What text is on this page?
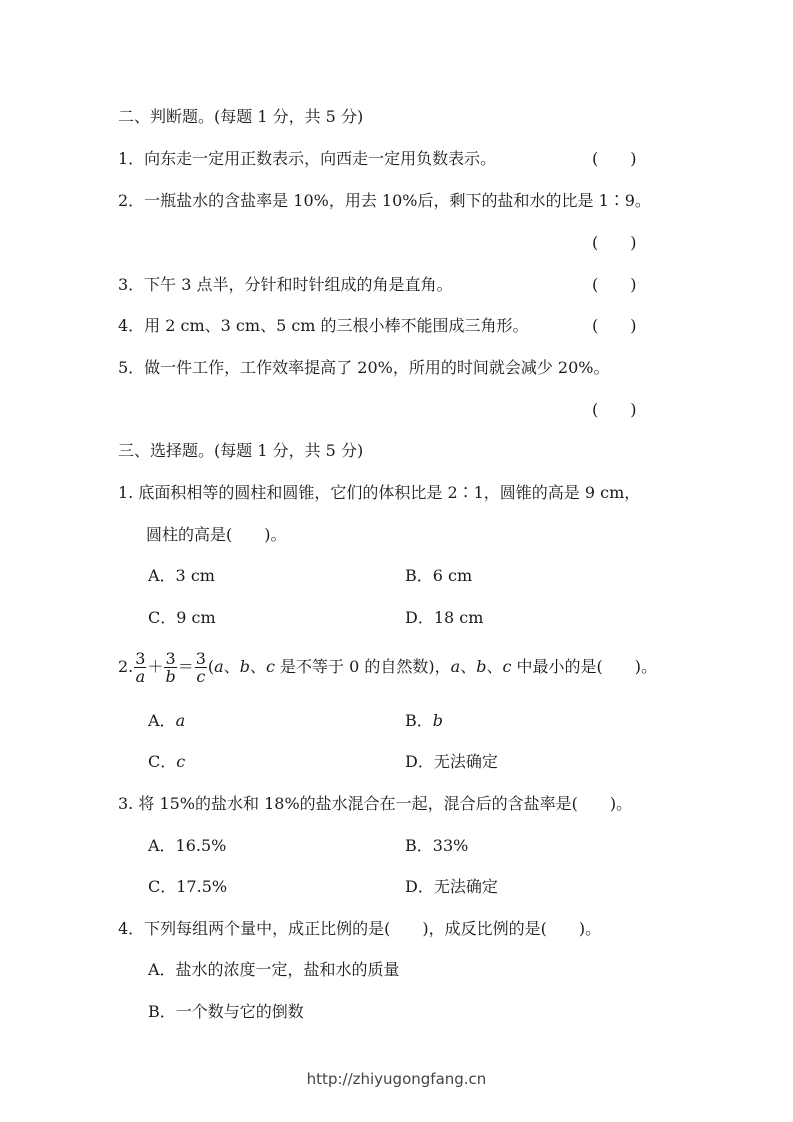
二、判断题。(每题 1 分，共 5 分)
1．向东走一定用正数表示，向西走一定用负数表示。	(　　)
2．一瓶盐水的含盐率是 10%，用去 10%后，剩下的盐和水的比是 1∶9。
(　　)
3．下午 3 点半，分针和时针组成的角是直角。	(　　)
4．用 2 cm、3 cm、5 cm 的三根小棒不能围成三角形。	(　　)
5．做一件工作，工作效率提高了 20%，所用的时间就会减少 20%。
(　　)
三、选择题。(每题 1 分，共 5 分)
1. 底面积相等的圆柱和圆锥，它们的体积比是 2∶1，圆锥的高是 9 cm，
圆柱的高是(　　)。
A．3 cm	B．6 cm
C．9 cm	D．18 cm
2. $\frac{3}{a} + \frac{3}{b} = \frac{3}{c} (a$、b、c 是不等于 0 的自然数)，a、b、c 中最小的是(　　)。
A．a	B．b
C．c	D．无法确定
3. 将 15%的盐水和 18%的盐水混合在一起，混合后的含盐率是(　　)。
A．16.5%	B．33%
C．17.5%	D．无法确定
4．下列每组两个量中，成正比例的是(　　)，成反比例的是(　　)。
A．盐水的浓度一定，盐和水的质量
B．一个数与它的倒数
http://zhiyugongfang.cn
